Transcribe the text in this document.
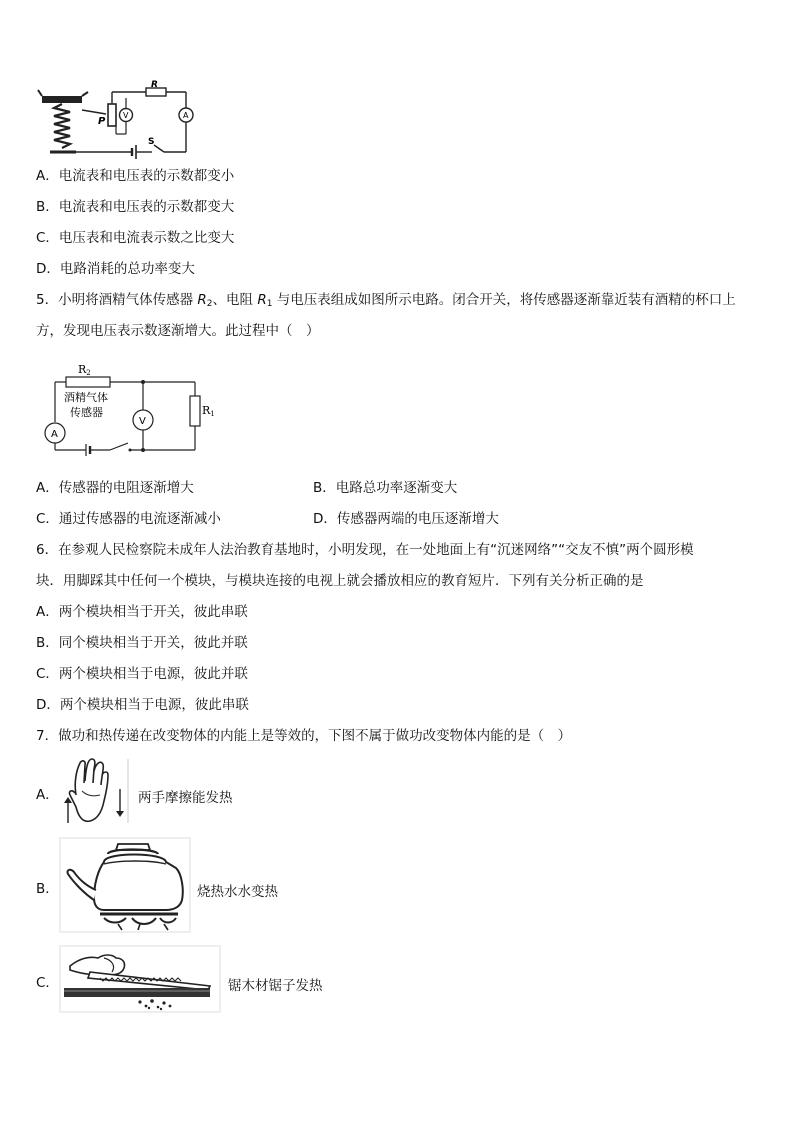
P
V
R
A
S
A．电流表和电压表的示数都变小
B．电流表和电压表的示数都变大
C．电压表和电流表示数之比变大
D．电路消耗的总功率变大
5．小明将酒精气体传感器 $R_2$、电阻 $R_1$ 与电压表组成如图所示电路。闭合开关，将传感器逐渐靠近装有酒精的杯口上
方，发现电压表示数逐渐增大。此过程中（　）
R2
酒精气体
传感器
V
A
R1
A．传感器的电阻逐渐增大	B．电路总功率逐渐变大
C．通过传感器的电流逐渐减小	D．传感器两端的电压逐渐增大
6．在参观人民检察院未成年人法治教育基地时，小明发现，在一处地面上有“沉迷网络”“交友不慎”两个圆形模
块．用脚踩其中任何一个模块，与模块连接的电视上就会播放相应的教育短片．下列有关分析正确的是
A．两个模块相当于开关，彼此串联
B．同个模块相当于开关，彼此并联
C．两个模块相当于电源，彼此并联
D．两个模块相当于电源，彼此串联
7．做功和热传递在改变物体的内能上是等效的，下图不属于做功改变物体内能的是（　）
A．	两手摩擦能发热
B．	烧热水水变热
C．	锯木材锯子发热
